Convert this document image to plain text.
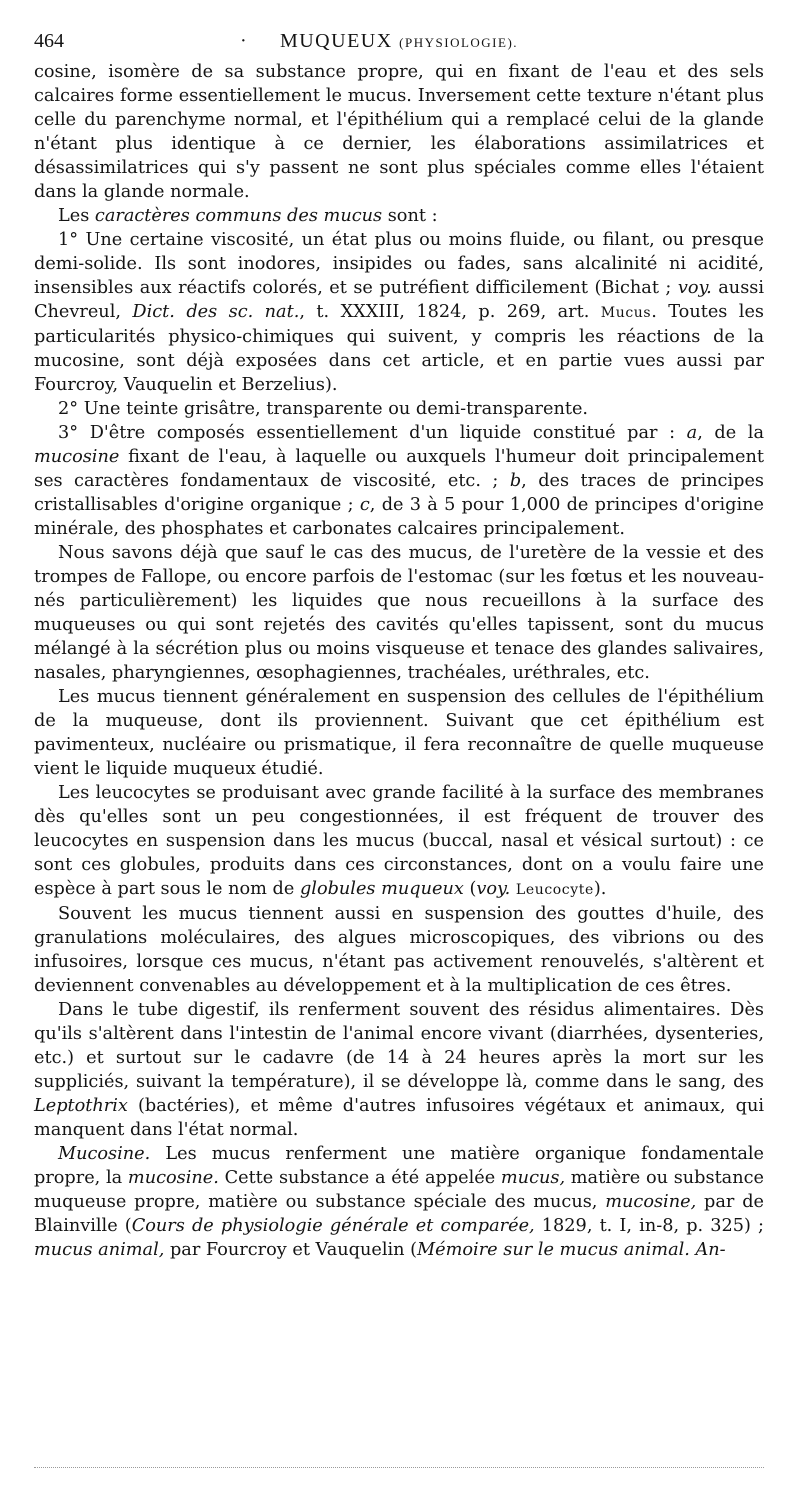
464	·	MUQUEUX (PHYSIOLOGIE).

cosine, isomère de sa substance propre, qui en fixant de l'eau et des sels calcaires forme essentiellement le mucus. Inversement cette texture n'étant plus celle du parenchyme normal, et l'épithélium qui a remplacé celui de la glande n'étant plus identique à ce dernier, les élaborations assimilatrices et désassimilatrices qui s'y passent ne sont plus spéciales comme elles l'étaient dans la glande normale.

Les caractères communs des mucus sont :

1° Une certaine viscosité, un état plus ou moins fluide, ou filant, ou presque demi-solide. Ils sont inodores, insipides ou fades, sans alcalinité ni acidité, insensibles aux réactifs colorés, et se putréfient difficilement (Bichat ; voy. aussi Chevreul, Dict. des sc. nat., t. XXXIII, 1824, p. 269, art. Mucus. Toutes les particularités physico-chimiques qui suivent, y compris les réactions de la mucosine, sont déjà exposées dans cet article, et en partie vues aussi par Fourcroy, Vauquelin et Berzelius).

2° Une teinte grisâtre, transparente ou demi-transparente.

3° D'être composés essentiellement d'un liquide constitué par : a, de la mucosine fixant de l'eau, à laquelle ou auxquels l'humeur doit principalement ses caractères fondamentaux de viscosité, etc. ; b, des traces de principes cristallisables d'origine organique ; c, de 3 à 5 pour 1,000 de principes d'origine minérale, des phosphates et carbonates calcaires principalement.

Nous savons déjà que sauf le cas des mucus, de l'uretère de la vessie et des trompes de Fallope, ou encore parfois de l'estomac (sur les fœtus et les nouveau-nés particulièrement) les liquides que nous recueillons à la surface des muqueuses ou qui sont rejetés des cavités qu'elles tapissent, sont du mucus mélangé à la sécrétion plus ou moins visqueuse et tenace des glandes salivaires, nasales, pharyngiennes, œsophagiennes, trachéales, uréthrales, etc.

Les mucus tiennent généralement en suspension des cellules de l'épithélium de la muqueuse, dont ils proviennent. Suivant que cet épithélium est pavimenteux, nucléaire ou prismatique, il fera reconnaître de quelle muqueuse vient le liquide muqueux étudié.

Les leucocytes se produisant avec grande facilité à la surface des membranes dès qu'elles sont un peu congestionnées, il est fréquent de trouver des leucocytes en suspension dans les mucus (buccal, nasal et vésical surtout) : ce sont ces globules, produits dans ces circonstances, dont on a voulu faire une espèce à part sous le nom de globules muqueux (voy. Leucocyte).

Souvent les mucus tiennent aussi en suspension des gouttes d'huile, des granulations moléculaires, des algues microscopiques, des vibrions ou des infusoires, lorsque ces mucus, n'étant pas activement renouvelés, s'altèrent et deviennent convenables au développement et à la multiplication de ces êtres.

Dans le tube digestif, ils renferment souvent des résidus alimentaires. Dès qu'ils s'altèrent dans l'intestin de l'animal encore vivant (diarrhées, dysenteries, etc.) et surtout sur le cadavre (de 14 à 24 heures après la mort sur les suppliciés, suivant la température), il se développe là, comme dans le sang, des Leptothrix (bactéries), et même d'autres infusoires végétaux et animaux, qui manquent dans l'état normal.

Mucosine. Les mucus renferment une matière organique fondamentale propre, la mucosine. Cette substance a été appelée mucus, matière ou substance muqueuse propre, matière ou substance spéciale des mucus, mucosine, par de Blainville (Cours de physiologie générale et comparée, 1829, t. I, in-8, p. 325) ; mucus animal, par Fourcroy et Vauquelin (Mémoire sur le mucus animal. An-
